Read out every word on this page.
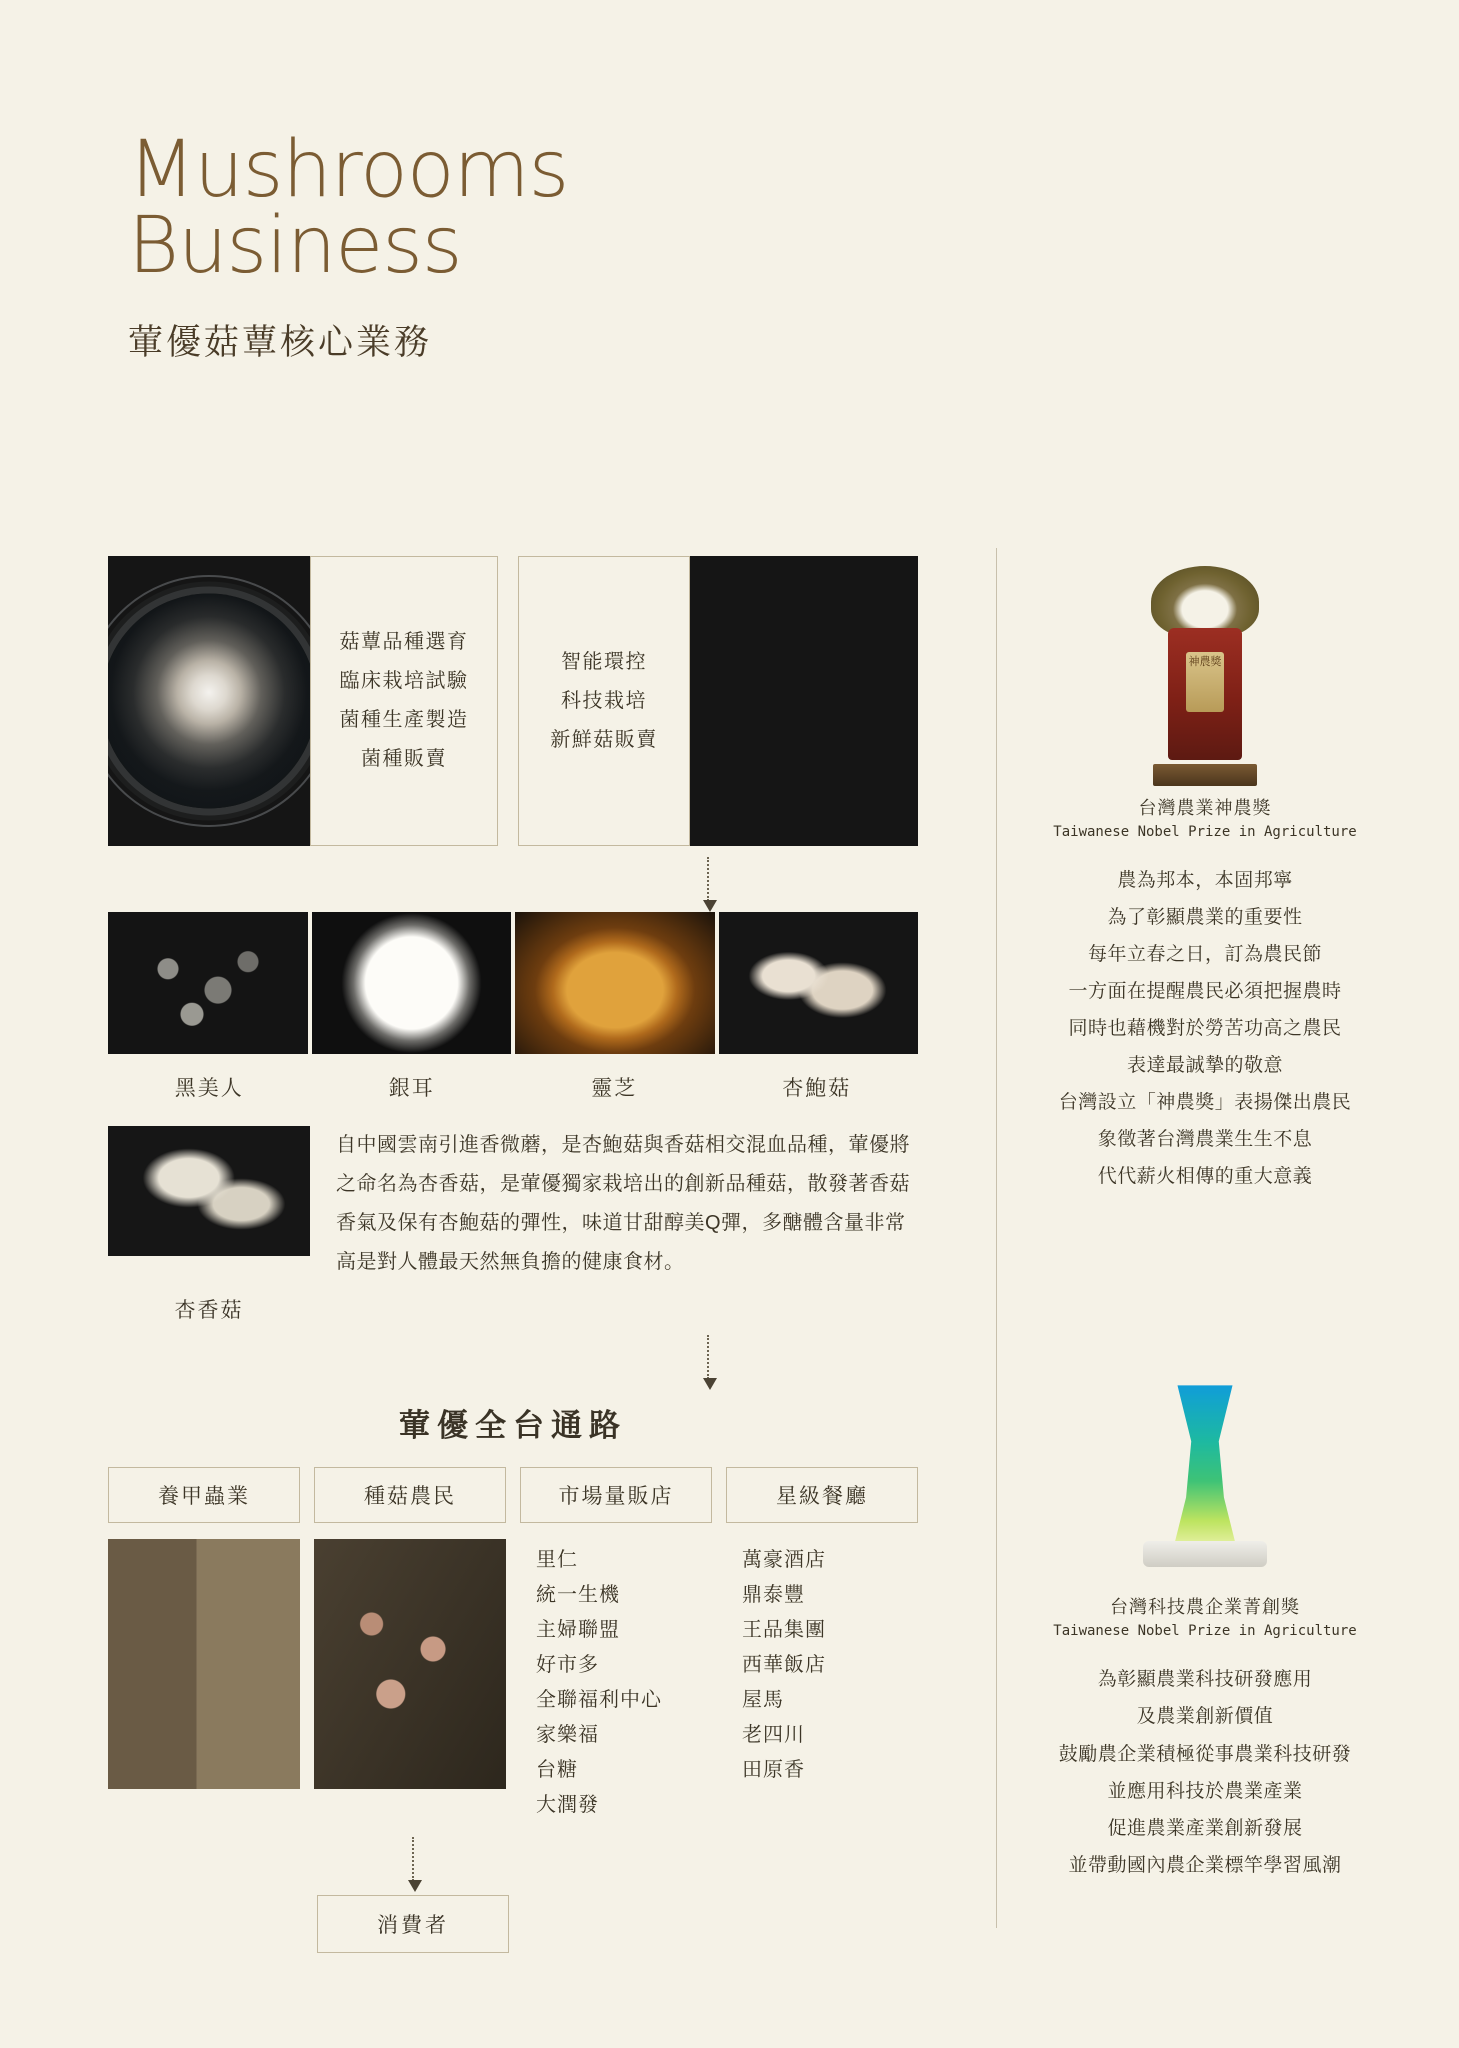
Mushrooms
Business
葷優菇蕈核心業務
菇蕈品種選育
臨床栽培試驗
菌種生產製造
菌種販賣
智能環控
科技栽培
新鮮菇販賣
黑美人	銀耳	靈芝	杏鮑菇
自中國雲南引進香微蘑，是杏鮑菇與香菇相交混血品種，葷優將之命名為杏香菇，是葷優獨家栽培出的創新品種菇，散發著香菇香氣及保有杏鮑菇的彈性，味道甘甜醇美Q彈，多醣體含量非常高是對人體最天然無負擔的健康食材。
杏香菇
葷優全台通路
養甲蟲業	種菇農民	市場量販店	星級餐廳
里仁
統一生機
主婦聯盟
好市多
全聯福利中心
家樂福
台糖
大潤發
萬豪酒店
鼎泰豐
王品集團
西華飯店
屋馬
老四川
田原香
消費者
神農獎
台灣農業神農獎
Taiwanese Nobel Prize in Agriculture
農為邦本，本固邦寧
為了彰顯農業的重要性
每年立春之日，訂為農民節
一方面在提醒農民必須把握農時
同時也藉機對於勞苦功高之農民
表達最誠摯的敬意
台灣設立「神農獎」表揚傑出農民
象徵著台灣農業生生不息
代代薪火相傳的重大意義
台灣科技農企業菁創獎
Taiwanese Nobel Prize in Agriculture
為彰顯農業科技研發應用
及農業創新價值
鼓勵農企業積極從事農業科技研發
並應用科技於農業產業
促進農業產業創新發展
並帶動國內農企業標竿學習風潮
